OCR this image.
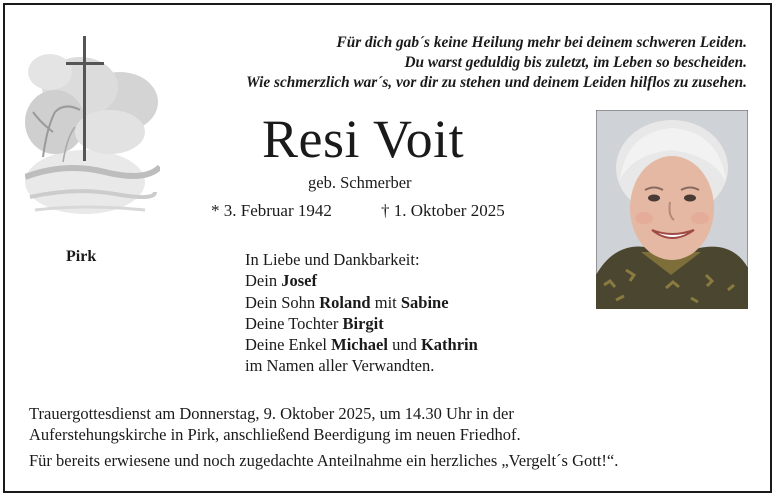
Für dich gab´s keine Heilung mehr bei deinem schweren Leiden.
Du warst geduldig bis zuletzt, im Leben so bescheiden.
Wie schmerzlich war´s, vor dir zu stehen und deinem Leiden hilflos zu zusehen.
Resi Voit
geb. Schmerber
* 3. Februar 1942	† 1. Oktober 2025
Pirk	In Liebe und Dankbarkeit:

Dein Josef

Dein Sohn Roland mit Sabine

Deine Tochter Birgit

Deine Enkel Michael und Kathrin

im Namen aller Verwandten.

Trauergottesdienst am Donnerstag, 9. Oktober 2025, um 14.30 Uhr in der

Auferstehungskirche in Pirk, anschließend Beerdigung im neuen Friedhof.

Für bereits erwiesene und noch zugedachte Anteilnahme ein herzliches „Vergelt´s Gott!“.
